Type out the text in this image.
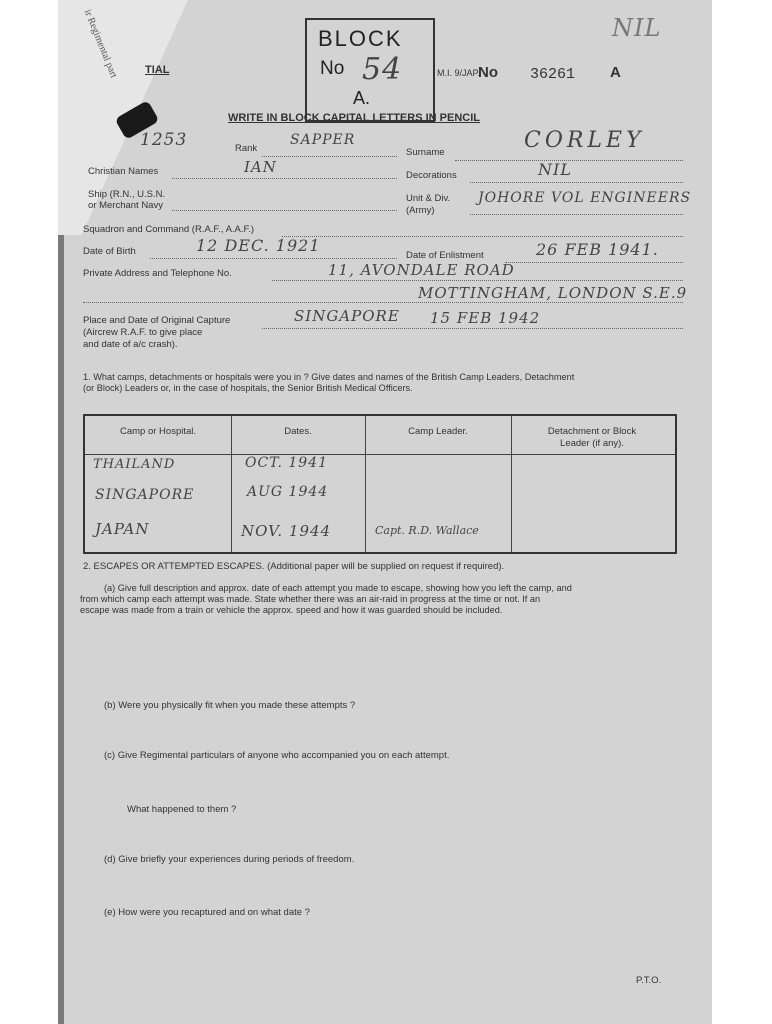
ir Regimental part TIAL
BLOCK
No 54
A.
M.I. 9/JAP/
No 36261 A
NIL
WRITE IN BLOCK CAPITAL LETTERS IN PENCIL
1253	Rank
SAPPER
Surname	CORLEY
Christian Names	IAN	Decorations	NIL
Ship (R.N., U.S.N.
or Merchant Navy
Unit & Div.
(Army)
JOHORE VOL ENGINEERS
Squadron and Command (R.A.F., A.A.F.)
Date of Birth	12 DEC. 1921
Date of Enlistment	26 FEB 1941.
Private Address and Telephone No.	11, AVONDALE ROAD
MOTTINGHAM, LONDON S.E.9
Place and Date of Original Capture
(Aircrew R.A.F. to give place
and date of a/c crash).
SINGAPORE 15 FEB 1942
1. What camps, detachments or hospitals were you in ? Give dates and names of the British Camp Leaders, Detachment
(or Block) Leaders or, in the case of hospitals, the Senior British Medical Officers.
Camp or Hospital.	Dates.	Camp Leader.	Detachment or Block
Leader (if any).
THAILAND	OCT. 1941
SINGAPORE	AUG 1944
JAPAN	NOV. 1944	Capt. R.D. Wallace
2. ESCAPES OR ATTEMPTED ESCAPES. (Additional paper will be supplied on request if required).
(a) Give full description and approx. date of each attempt you made to escape, showing how you left the camp, and
from which camp each attempt was made. State whether there was an air-raid in progress at the time or not. If an
escape was made from a train or vehicle the approx. speed and how it was guarded should be included.
(b) Were you physically fit when you made these attempts ?
(c) Give Regimental particulars of anyone who accompanied you on each attempt.
What happened to them ?
(d) Give briefly your experiences during periods of freedom.
(e) How were you recaptured and on what date ?
P.T.O.
